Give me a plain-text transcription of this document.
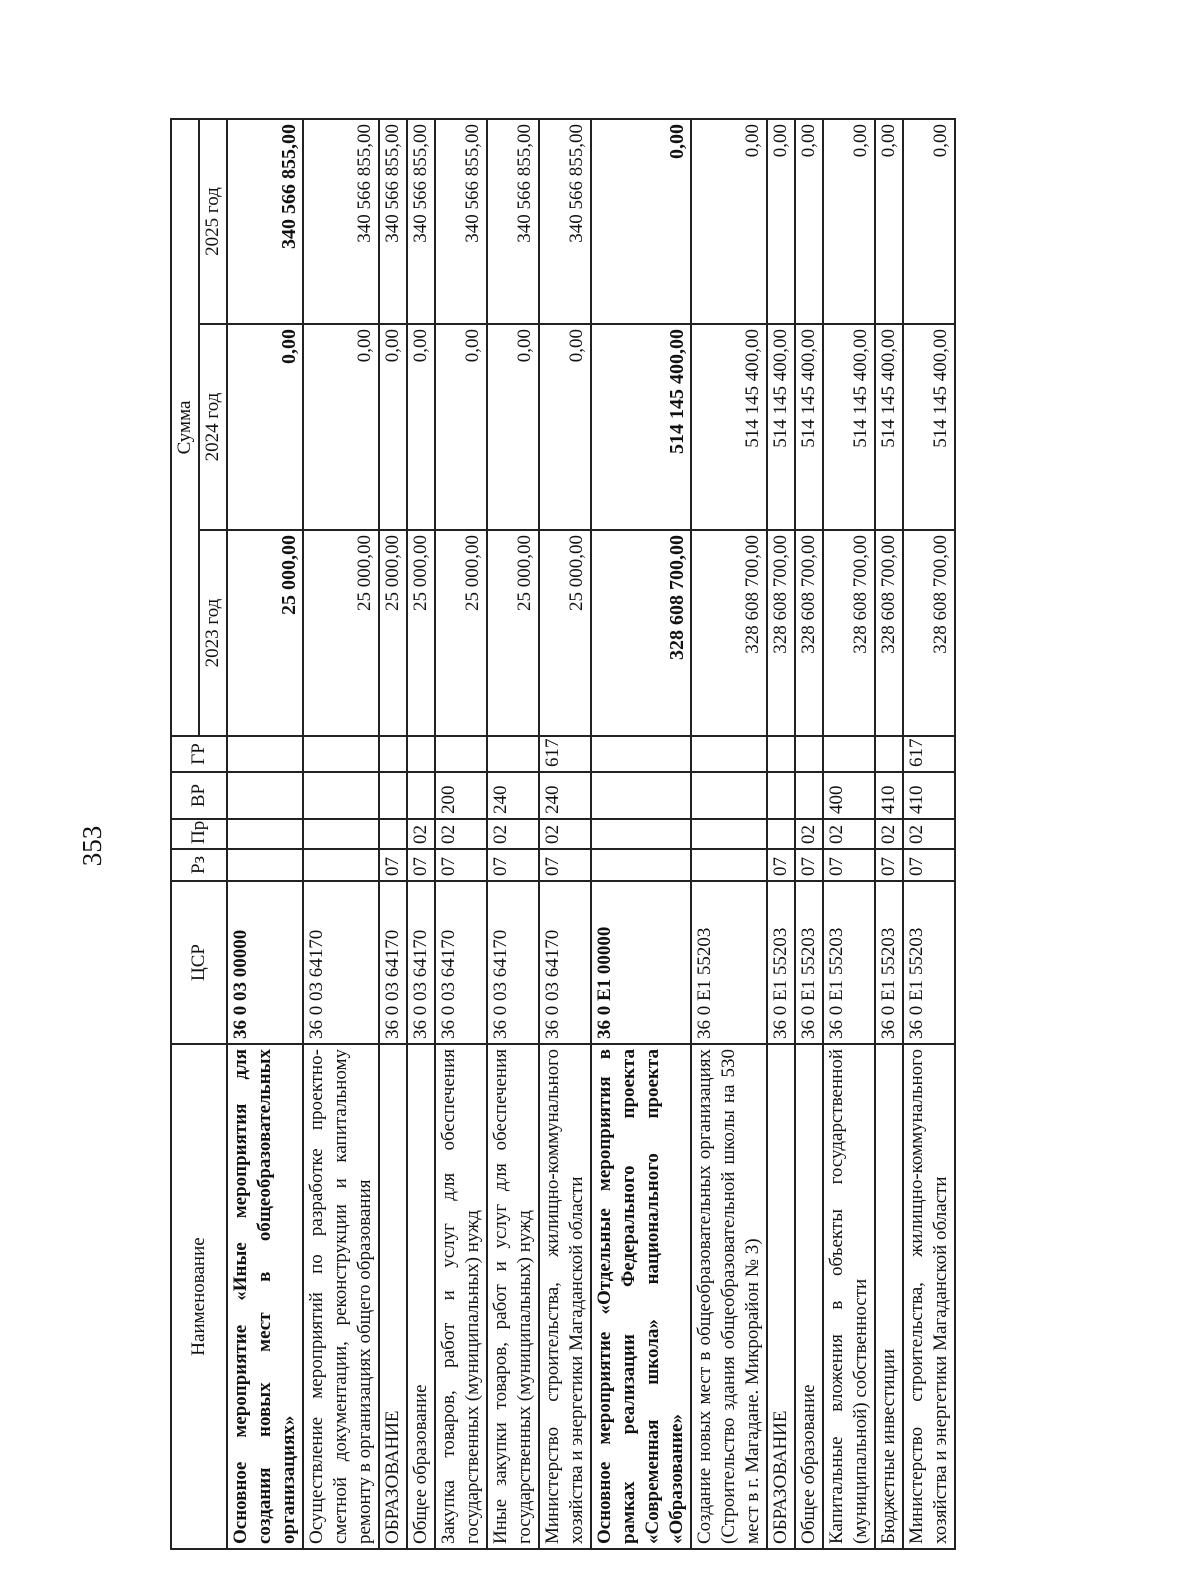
353
Наименование	ЦСР	Рз	Пр	ВР	ГР	Сумма		
						2023 год	2024 год	2025 год
Основное мероприятие «Иные мероприятия для создания новых мест в общеобразовательных организациях»	36 0 03 00000					25 000,00	0,00	340 566 855,00
Осуществление мероприятий по разработке проектно-сметной документации, реконструкции и капитальному ремонту в организациях общего образования	36 0 03 64170					25 000,00	0,00	340 566 855,00
ОБРАЗОВАНИЕ	36 0 03 64170	07				25 000,00	0,00	340 566 855,00
Общее образование	36 0 03 64170	07	02			25 000,00	0,00	340 566 855,00
Закупка товаров, работ и услуг для обеспечения государственных (муниципальных) нужд	36 0 03 64170	07	02	200		25 000,00	0,00	340 566 855,00
Иные закупки товаров, работ и услуг для обеспечения государственных (муниципальных) нужд	36 0 03 64170	07	02	240		25 000,00	0,00	340 566 855,00
Министерство строительства, жилищно-коммунального хозяйства и энергетики Магаданской области	36 0 03 64170	07	02	240	617	25 000,00	0,00	340 566 855,00
Основное мероприятие «Отдельные мероприятия в рамках реализации Федерального проекта «Современная школа» национального проекта «Образование»	36 0 E1 00000					328 608 700,00	514 145 400,00	0,00
Создание новых мест в общеобразовательных организациях (Строительство здания общеобразовательной школы на 530 мест в г. Магадане. Микрорайон № 3)	36 0 E1 55203					328 608 700,00	514 145 400,00	0,00
ОБРАЗОВАНИЕ	36 0 E1 55203	07				328 608 700,00	514 145 400,00	0,00
Общее образование	36 0 E1 55203	07	02			328 608 700,00	514 145 400,00	0,00
Капитальные вложения в объекты государственной (муниципальной) собственности	36 0 E1 55203	07	02	400		328 608 700,00	514 145 400,00	0,00
Бюджетные инвестиции	36 0 E1 55203	07	02	410		328 608 700,00	514 145 400,00	0,00
Министерство строительства, жилищно-коммунального хозяйства и энергетики Магаданской области	36 0 E1 55203	07	02	410	617	328 608 700,00	514 145 400,00	0,00
